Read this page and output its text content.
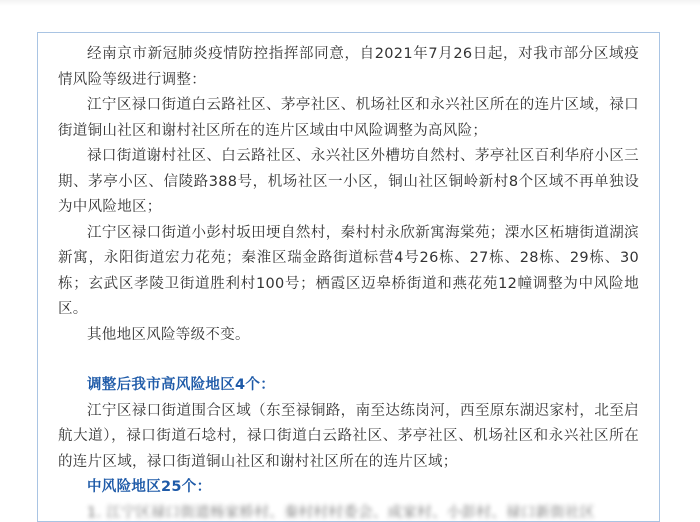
经南京市新冠肺炎疫情防控指挥部同意，自2021年7月26日起，对我市部分区域疫情风险等级进行调整：

江宁区禄口街道白云路社区、茅亭社区、机场社区和永兴社区所在的连片区域，禄口街道铜山社区和谢村社区所在的连片区域由中风险调整为高风险；

禄口街道谢村社区、白云路社区、永兴社区外槽坊自然村、茅亭社区百利华府小区三期、茅亭小区、信陵路388号，机场社区一小区，铜山社区铜岭新村8个区域不再单独设为中风险地区；

江宁区禄口街道小彭村坂田埂自然村，秦村村永欣新寓海棠苑；溧水区柘塘街道湖滨新寓，永阳街道宏力花苑；秦淮区瑞金路街道标营4号26栋、27栋、28栋、29栋、30栋；玄武区孝陵卫街道胜利村100号；栖霞区迈皋桥街道和燕花苑12幢调整为中风险地区。

其他地区风险等级不变。

调整后我市高风险地区4个：

江宁区禄口街道围合区域（东至禄铜路，南至达练岗河，西至原东湖迟家村，北至启航大道），禄口街道石埝村，禄口街道白云路社区、茅亭社区、机场社区和永兴社区所在的连片区域，禄口街道铜山社区和谢村社区所在的连片区域；

中风险地区25个：

1. 江宁区禄口街道杨家桥村、秦村村村委会、成家村、小彭村、禄口新街社区
